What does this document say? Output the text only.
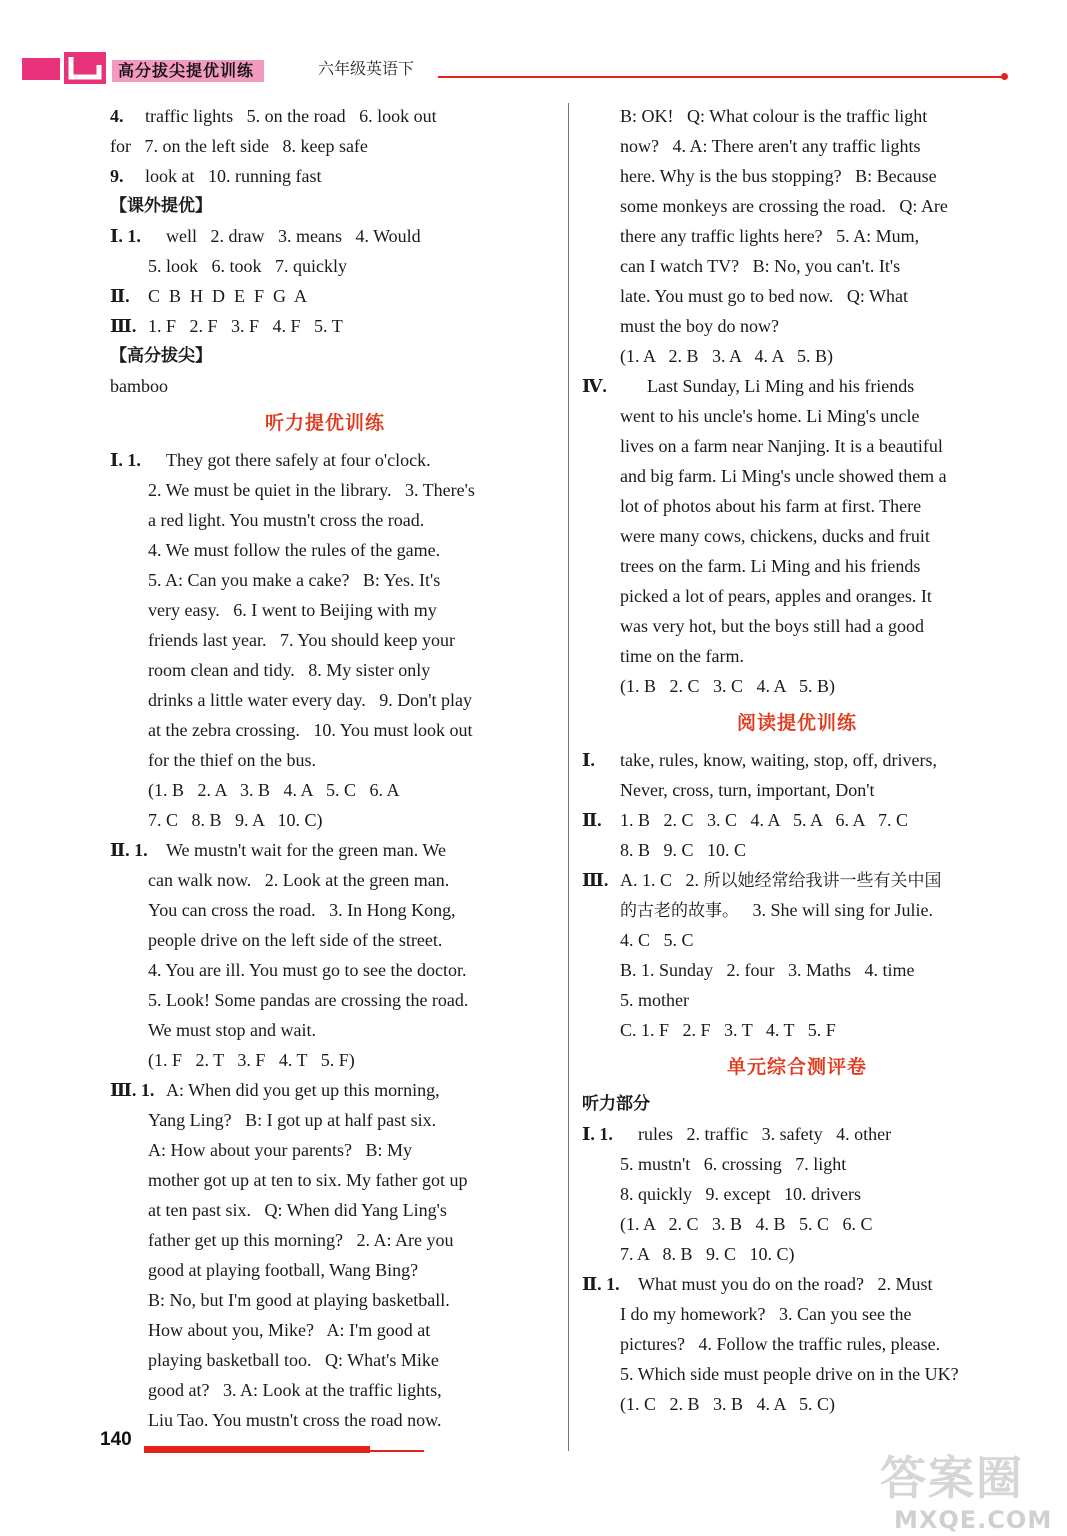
高分拔尖提优训练	六年级英语下
4. traffic lights   5. on the road   6. look out
for   7. on the left side   8. keep safe
9. look at   10. running fast
【课外提优】
Ⅰ. 1. well   2. draw   3. means   4. Would
5. look   6. took   7. quickly
Ⅱ. C  B  H  D  E  F  G  A
Ⅲ. 1. F   2. F   3. F   4. F   5. T
【高分拔尖】
bamboo
听力提优训练
Ⅰ. 1. They got there safely at four o'clock.
2. We must be quiet in the library.   3. There's
a red light. You mustn't cross the road.
4. We must follow the rules of the game.
5. A: Can you make a cake?   B: Yes. It's
very easy.   6. I went to Beijing with my
friends last year.   7. You should keep your
room clean and tidy.   8. My sister only
drinks a little water every day.   9. Don't play
at the zebra crossing.   10. You must look out
for the thief on the bus.
(1. B   2. A   3. B   4. A   5. C   6. A
7. C   8. B   9. A   10. C)
Ⅱ. 1. We mustn't wait for the green man. We
can walk now.   2. Look at the green man.
You can cross the road.   3. In Hong Kong,
people drive on the left side of the street.
4. You are ill. You must go to see the doctor.
5. Look! Some pandas are crossing the road.
We must stop and wait.
(1. F   2. T   3. F   4. T   5. F)
Ⅲ. 1. A: When did you get up this morning,
Yang Ling?   B: I got up at half past six.
A: How about your parents?   B: My
mother got up at ten to six. My father got up
at ten past six.   Q: When did Yang Ling's
father get up this morning?   2. A: Are you
good at playing football, Wang Bing?
B: No, but I'm good at playing basketball.
How about you, Mike?   A: I'm good at
playing basketball too.   Q: What's Mike
good at?   3. A: Look at the traffic lights,
Liu Tao. You mustn't cross the road now.
B: OK!   Q: What colour is the traffic light
now?   4. A: There aren't any traffic lights
here. Why is the bus stopping?   B: Because
some monkeys are crossing the road.   Q: Are
there any traffic lights here?   5. A: Mum,
can I watch TV?   B: No, you can't. It's
late. You must go to bed now.   Q: What
must the boy do now?
(1. A   2. B   3. A   4. A   5. B)
Ⅳ. Last Sunday, Li Ming and his friends
went to his uncle's home. Li Ming's uncle
lives on a farm near Nanjing. It is a beautiful
and big farm. Li Ming's uncle showed them a
lot of photos about his farm at first. There
were many cows, chickens, ducks and fruit
trees on the farm. Li Ming and his friends
picked a lot of pears, apples and oranges. It
was very hot, but the boys still had a good
time on the farm.
(1. B   2. C   3. C   4. A   5. B)
阅读提优训练
Ⅰ. take, rules, know, waiting, stop, off, drivers,
Never, cross, turn, important, Don't
Ⅱ. 1. B   2. C   3. C   4. A   5. A   6. A   7. C
8. B   9. C   10. C
Ⅲ. A. 1. C   2. 所以她经常给我讲一些有关中国
的古老的故事。   3. She will sing for Julie.
4. C   5. C
B. 1. Sunday   2. four   3. Maths   4. time
5. mother
C. 1. F   2. F   3. T   4. T   5. F
单元综合测评卷
听力部分
Ⅰ. 1. rules   2. traffic   3. safety   4. other
5. mustn't   6. crossing   7. light
8. quickly   9. except   10. drivers
(1. A   2. C   3. B   4. B   5. C   6. C
7. A   8. B   9. C   10. C)
Ⅱ. 1. What must you do on the road?   2. Must
I do my homework?   3. Can you see the
pictures?   4. Follow the traffic rules, please.
5. Which side must people drive on in the UK?
(1. C   2. B   3. B   4. A   5. C)
140
答案圈
MXQE.COM
